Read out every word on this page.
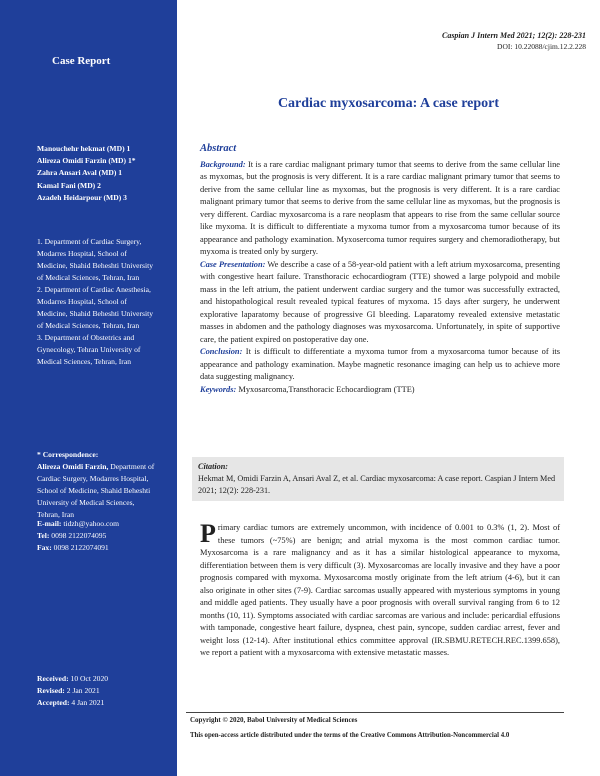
Case Report
Manouchehr hekmat (MD) 1
Alireza Omidi Farzin (MD) 1*
Zahra Ansari Aval (MD) 1
Kamal Fani (MD) 2
Azadeh Heidarpour (MD) 3
1. Department of Cardiac Surgery, Modarres Hospital, School of Medicine, Shahid Beheshti University of Medical Sciences, Tehran, Iran
2. Department of Cardiac Anesthesia, Modarres Hospital, School of Medicine, Shahid Beheshti University of Medical Sciences, Tehran, Iran
3. Department of Obstetrics and Gynecology, Tehran University of Medical Sciences, Tehran, Iran
* Correspondence:
Alireza Omidi Farzin, Department of Cardiac Surgery, Modarres Hospital, School of Medicine, Shahid Beheshti University of Medical Sciences, Tehran, Iran
E-mail: tidzh@yahoo.com
Tel: 0098 2122074095
Fax: 0098 2122074091
Received: 10 Oct 2020
Revised: 2 Jan 2021
Accepted: 4 Jan 2021
Caspian J Intern Med 2021; 12(2): 228-231
DOI: 10.22088/cjim.12.2.228
Cardiac myxosarcoma: A case report
Abstract

Background: It is a rare cardiac malignant primary tumor that seems to derive from the same cellular line as myxomas, but the prognosis is very different. It is a rare cardiac malignant primary tumor that seems to derive from the same cellular line as myxomas, but the prognosis is very different. It is a rare cardiac malignant primary tumor that seems to derive from the same cellular line as myxomas, but the prognosis is very different. Cardiac myxosarcoma is a rare neoplasm that appears to rise from the same cellular source like myxoma. It is difficult to differentiate a myxoma tumor from a myxosarcoma tumor because of its appearance and pathology examination. Myxosercoma tumor requires surgery and chemoradiotherapy, but myxoma is treated only by surgery.

Case Presentation: We describe a case of a 58-year-old patient with a left atrium myxosarcoma, presenting with congestive heart failure. Transthoracic echocardiogram (TTE) showed a large polypoid and mobile mass in the left atrium, the patient underwent cardiac surgery and the tumor was successfully extracted, and histopathological result revealed typical features of myxoma. 15 days after surgery, he underwent explorative laparatomy because of progressive GI bleeding. Laparatomy revealed extensive metastatic masses in abdomen and the pathology diagnoses was myxosarcoma. Unfortunately, in spite of supportive care, the patient expired on postoperative day one.

Conclusion: It is difficult to differentiate a myxoma tumor from a myxosarcoma tumor because of its appearance and pathology examination. Maybe magnetic resonance imaging can help us to achieve more data suggesting malignancy.

Keywords: Myxosarcoma,Transthoracic Echocardiogram (TTE)

Citation:
Hekmat M, Omidi Farzin A, Ansari Aval Z, et al. Cardiac myxosarcoma: A case report. Caspian J Intern Med 2021; 12(2): 228-231.
Primary cardiac tumors are extremely uncommon, with incidence of 0.001 to 0.3% (1, 2). Most of these tumors (~75%) are benign; and atrial myxoma is the most common cardiac tumor. Myxosarcoma is a rare malignancy and as it has a similar histological appearance to myxoma, differentiation between them is very difficult (3). Myxosarcomas are locally invasive and they have a poor prognosis compared with myxoma. Myxosarcoma mostly originate from the left atrium (4-6), but it can also originate in other sites (7-9). Cardiac sarcomas usually appeared with mysterious symptoms in young and middle aged patients. They usually have a poor prognosis with overall survival ranging from 6 to 12 months (10, 11). Symptoms associated with cardiac sarcomas are various and include: pericardial effusions with tamponade, congestive heart failure, dyspnea, chest pain, syncope, sudden cardiac arrest, fever and weight loss (12-14). After institutional ethics committee approval (IR.SBMU.RETECH.REC.1399.658), we report a patient with a myxosarcoma with extensive metastatic masses.
Copyright © 2020, Babol University of Medical Sciences
This open-access article distributed under the terms of the Creative Commons Attribution-Noncommercial 4.0
